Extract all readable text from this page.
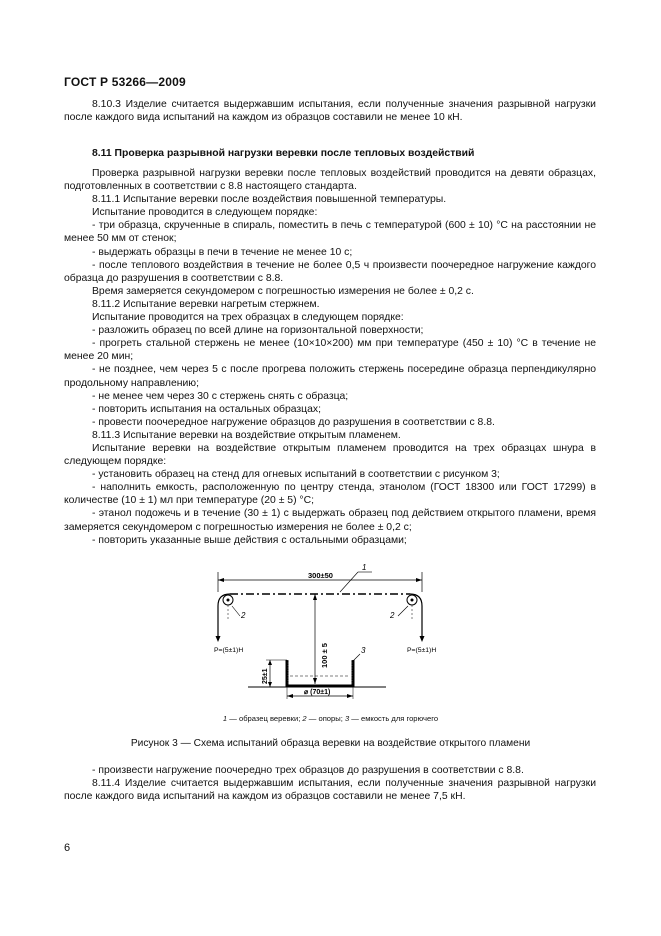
ГОСТ Р 53266—2009

8.10.3 Изделие считается выдержавшим испытания, если полученные значения разрывной нагрузки после каждого вида испытаний на каждом из образцов составили не менее 10 кН.

8.11 Проверка разрывной нагрузки веревки после тепловых воздействий

Проверка разрывной нагрузки веревки после тепловых воздействий проводится на девяти образцах, подготовленных в соответствии с 8.8 настоящего стандарта.

8.11.1 Испытание веревки после воздействия повышенной температуры.

Испытание проводится в следующем порядке:

- три образца, скрученные в спираль, поместить в печь с температурой (600 ± 10) °С на расстоянии не менее 50 мм от стенок;

- выдержать образцы в печи в течение не менее 10 с;

- после теплового воздействия в течение не более 0,5 ч произвести поочередное нагружение каждого образца до разрушения в соответствии с 8.8.

Время замеряется секундомером с погрешностью измерения не более ± 0,2 с.

8.11.2 Испытание веревки нагретым стержнем.

Испытание проводится на трех образцах в следующем порядке:

- разложить образец по всей длине на горизонтальной поверхности;

- прогреть стальной стержень не менее (10×10×200) мм при температуре (450 ± 10) °С в течение не менее 20 мин;

- не позднее, чем через 5 с после прогрева положить стержень посередине образца перпендикулярно продольному направлению;

- не менее чем через 30 с стержень снять с образца;

- повторить испытания на остальных образцах;

- провести поочередное нагружение образцов до разрушения в соответствии с 8.8.

8.11.3 Испытание веревки на воздействие открытым пламенем.

Испытание веревки на воздействие открытым пламенем проводится на трех образцах шнура в следующем порядке:

- установить образец на стенд для огневых испытаний в соответствии с рисунком 3;

- наполнить емкость, расположенную по центру стенда, этанолом (ГОСТ 18300 или ГОСТ 17299) в количестве (10 ± 1) мл при температуре (20 ± 5) °С;

- этанол подожечь и в течение (30 ± 1) с выдержать образец под действием открытого пламени, время замеряется секундомером с погрешностью измерения не более ± 0,2 с;

- повторить указанные выше действия с остальными образцами;

300±50
1
2	2
P=(5±1)Н	P=(5±1)Н
100 ± 5	3
25±1
⌀ (70±1)
1 — образец веревки; 2 — опоры; 3 — емкость для горючего
Рисунок 3 — Схема испытаний образца веревки на воздействие открытого пламени

- произвести нагружение поочередно трех образцов до разрушения в соответствии с 8.8.

8.11.4 Изделие считается выдержавшим испытания, если полученные значения разрывной нагрузки после каждого вида испытаний на каждом из образцов составили не менее 7,5 кН.

6
